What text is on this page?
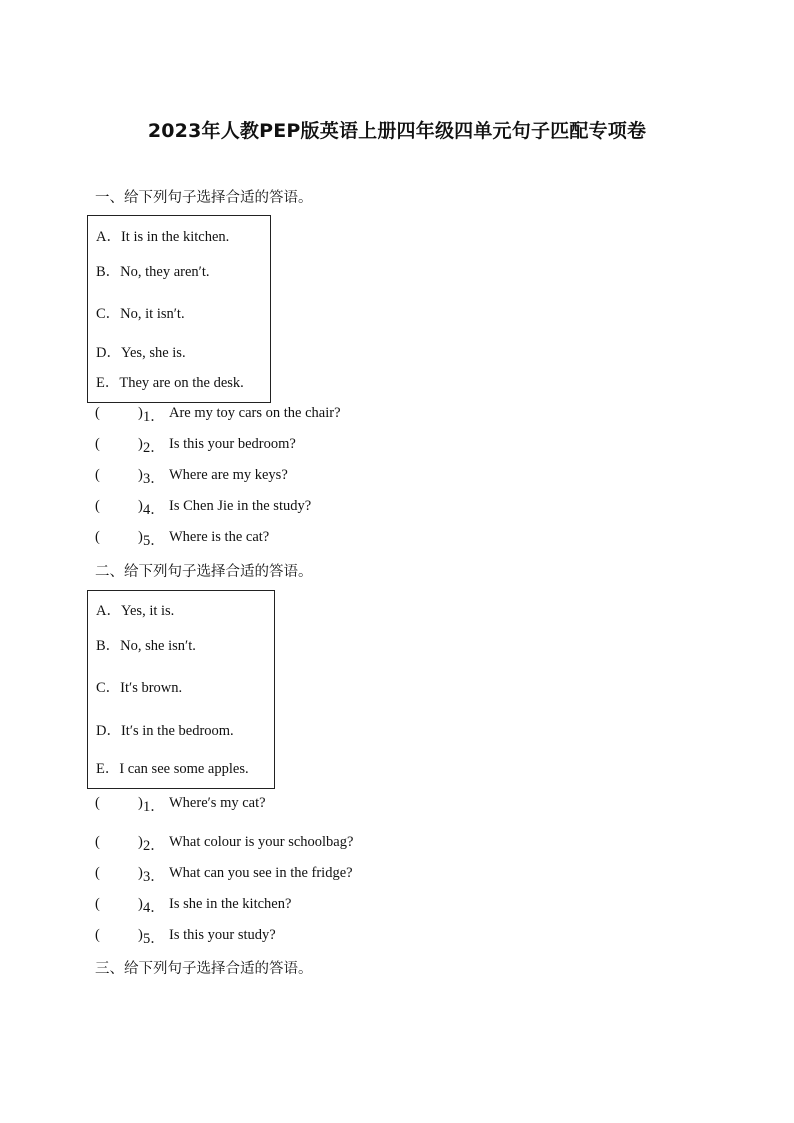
2023年人教PEP版英语上册四年级四单元句子匹配专项卷
一、给下列句子选择合适的答语。
A．It is in the kitchen.
B．No, they aren′t.
C．No, it isn′t.
D．Yes, she is.
E．They are on the desk.
(	) 1． Are my toy cars on the chair?
(	) 2． Is this your bedroom?
(	) 3． Where are my keys?
(	) 4． Is Chen Jie in the study?
(	) 5． Where is the cat?
二、给下列句子选择合适的答语。
A．Yes, it is.
B．No, she isn′t.
C．It′s brown.
D．It′s in the bedroom.
E．I can see some apples.
(	) 1． Where′s my cat?
(	) 2． What colour is your schoolbag?
(	) 3． What can you see in the fridge?
(	) 4． Is she in the kitchen?
(	) 5． Is this your study?
三、给下列句子选择合适的答语。
